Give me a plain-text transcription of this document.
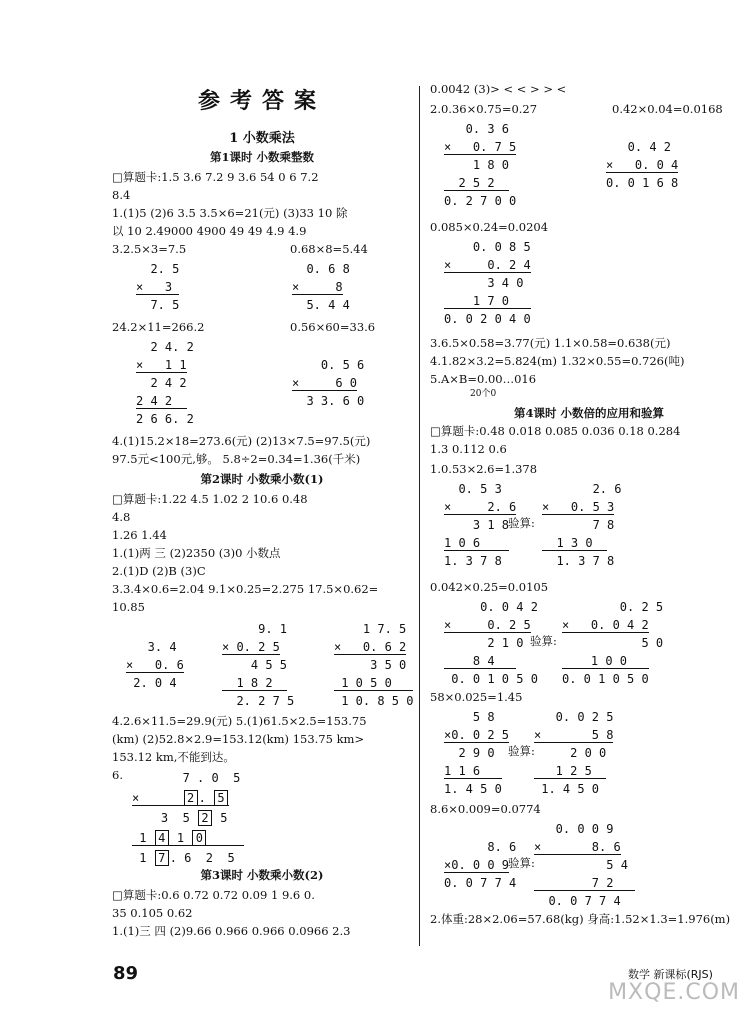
参考答案
1 小数乘法
第1课时 小数乘整数
□算题卡:1.5 3.6 7.2 9 3.6 54 0 6 7.2
8.4
1.(1)5 (2)6 3.5 3.5×6=21(元) (3)33 10 除
以 10 2.49000 4900 49 49 4.9 4.9
3.2.5×3=7.5	0.68×8=5.44
2. 5
×   3
7. 5
0. 6 8
×     8
5. 4 4
24.2×11=266.2	0.56×60=33.6
2 4. 2
×   1 1
2 4 2
2 4 2
2 6 6. 2
0. 5 6
×     6 0
3 3. 6 0
4.(1)15.2×18=273.6(元) (2)13×7.5=97.5(元)
97.5元<100元,够。 5.8÷2=0.34=1.36(千米)
第2课时 小数乘小数(1)
□算题卡:1.22 4.5 1.02 2 10.6 0.48
4.8
1.26 1.44
1.(1)两 三 (2)2350 (3)0 小数点
2.(1)D (2)B (3)C
3.3.4×0.6=2.04 9.1×0.25=2.275 17.5×0.62=
10.85
3. 4
×   0. 6
2. 0 4
9. 1
× 0. 2 5
4 5 5
1 8 2
2. 2 7 5
1 7. 5
×   0. 6 2
3 5 0
1 0 5 0
1 0. 8 5 0
4.2.6×11.5=29.9(元) 5.(1)61.5×2.5=153.75
(km) (2)52.8×2.9=153.12(km) 153.75 km>
153.12 km,不能到达。
6.	7 . 0  5
×      2 . 5
3  5 2 5
1 4 1 0
1 7 . 6  2  5
第3课时 小数乘小数(2)
□算题卡:0.6 0.72 0.72 0.09 1 9.6 0.
35 0.105 0.62
1.(1)三 四 (2)9.66 0.966 0.966 0.0966 2.3
0.0042 (3)> < < > > <
2.0.36×0.75=0.27	0.42×0.04=0.0168
0. 3 6
×   0. 7 5
1 8 0
2 5 2
0. 2 7 0 0
0. 4 2
×   0. 0 4
0. 0 1 6 8
0.085×0.24=0.0204
0. 0 8 5
×     0. 2 4
3 4 0
1 7 0
0. 0 2 0 4 0
3.6.5×0.58=3.77(元) 1.1×0.58=0.638(元)
4.1.82×3.2=5.824(m) 1.32×0.55=0.726(吨)
5.A×B=0.00…016
20个0
第4课时 小数倍的应用和验算
□算题卡:0.48 0.018 0.085 0.036 0.18 0.284
1.3 0.112 0.6
1.0.53×2.6=1.378
0. 5 3
×     2. 6
3 1 8
1 0 6
1. 3 7 8
验算:
2. 6
×   0. 5 3
7 8
1 3 0
1. 3 7 8
0.042×0.25=0.0105
0. 0 4 2
×     0. 2 5
2 1 0
8 4
0. 0 1 0 5 0
验算:
0. 2 5
×   0. 0 4 2
5 0
1 0 0
0. 0 1 0 5 0
58×0.025=1.45
5 8
×0. 0 2 5
2 9 0
1 1 6
1. 4 5 0
验算:
0. 0 2 5
×       5 8
2 0 0
1 2 5
1. 4 5 0
8.6×0.009=0.0774
8. 6
×0. 0 0 9
0. 0 7 7 4
验算:
0. 0 0 9
×       8. 6
5 4
7 2
0. 0 7 7 4
2.体重:28×2.06=57.68(kg) 身高:1.52×1.3=1.976(m)
89	数学 新课标(RJS)
MXQE.COM
